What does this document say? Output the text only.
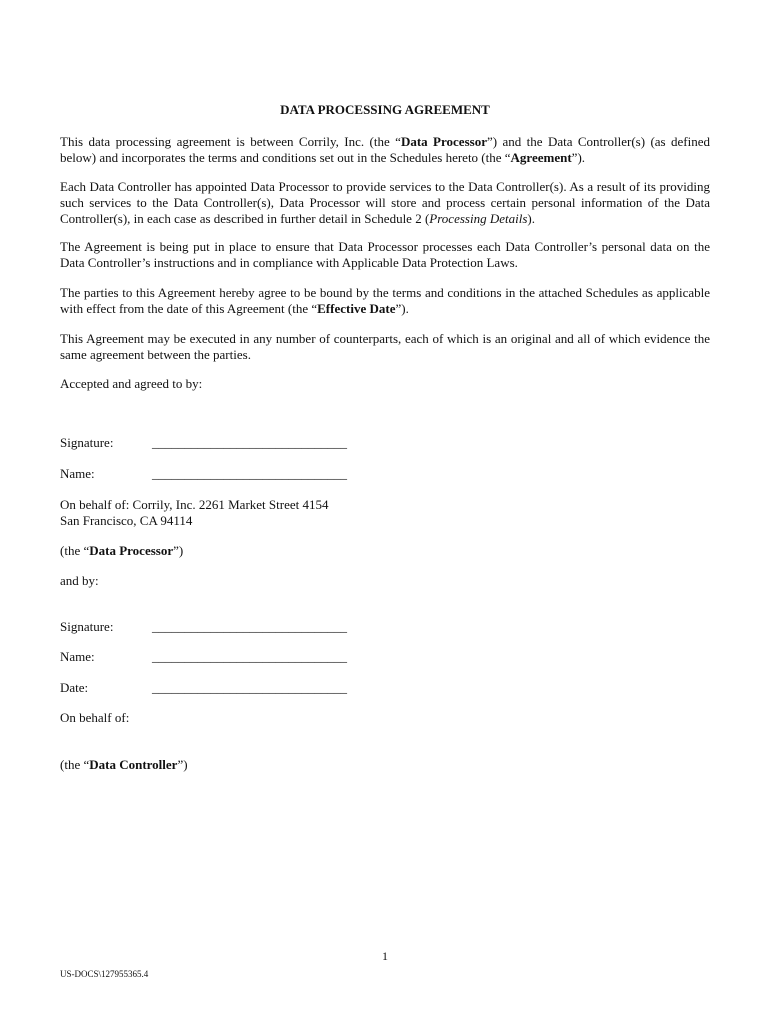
DATA PROCESSING AGREEMENT

This data processing agreement is between Corrily, Inc. (the “Data Processor”) and the Data Controller(s) (as defined below) and incorporates the terms and conditions set out in the Schedules hereto (the “Agreement”).

Each Data Controller has appointed Data Processor to provide services to the Data Controller(s). As a result of its providing such services to the Data Controller(s), Data Processor will store and process certain personal information of the Data Controller(s), in each case as described in further detail in Schedule 2 (Processing Details).

The Agreement is being put in place to ensure that Data Processor processes each Data Controller’s personal data on the Data Controller’s instructions and in compliance with Applicable Data Protection Laws.

The parties to this Agreement hereby agree to be bound by the terms and conditions in the attached Schedules as applicable with effect from the date of this Agreement (the “Effective Date”).

This Agreement may be executed in any number of counterparts, each of which is an original and all of which evidence the same agreement between the parties.

Accepted and agreed to by:

Signature:	______________________________

Name:	______________________________

On behalf of: Corrily, Inc. 2261 Market Street 4154

San Francisco, CA 94114

(the “Data Processor”)

and by:

Signature:	______________________________

Name:	______________________________

Date:	______________________________

On behalf of:

(the “Data Controller”)

1
US-DOCS\127955365.4
